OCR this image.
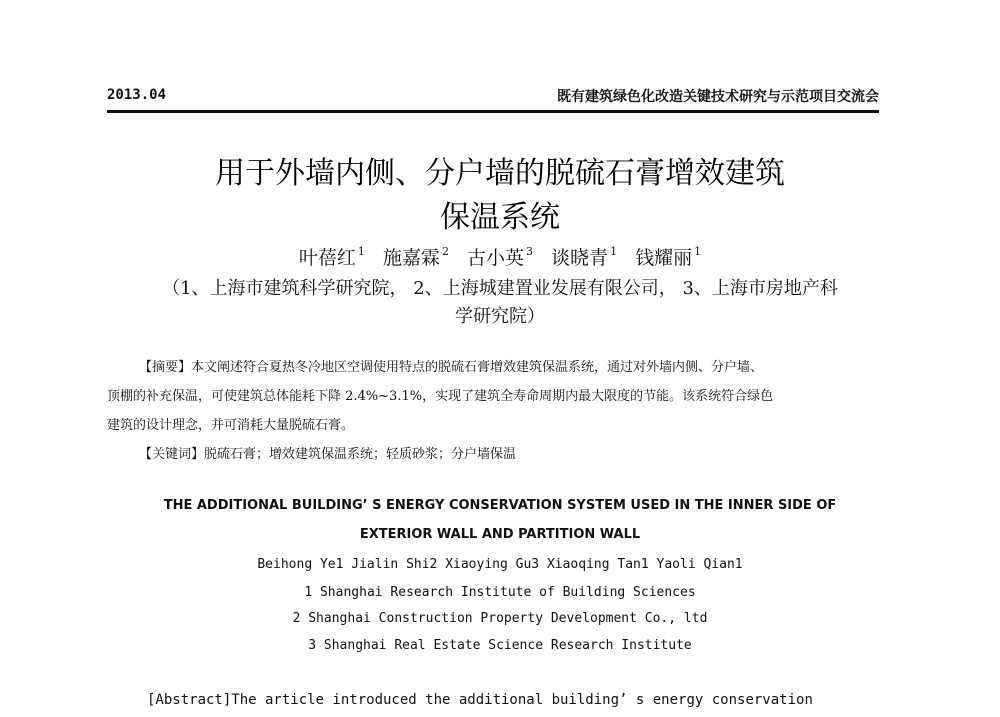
2013.04	既有建筑绿色化改造关键技术研究与示范项目交流会
用于外墙内侧、分户墙的脱硫石膏增效建筑
保温系统
叶蓓红 $^1$ 施嘉霖 $^2$ 古小英 $^3$ 谈晓青 $^1$ 钱耀丽 $^1$
（1、上海市建筑科学研究院， 2、上海城建置业发展有限公司， 3、上海市房地产科
学研究院）
【摘要】本文阐述符合夏热冬冷地区空调使用特点的脱硫石膏增效建筑保温系统，通过对外墙内侧、分户墙、
顶棚的补充保温，可使建筑总体能耗下降 2.4%~3.1%，实现了建筑全寿命周期内最大限度的节能。该系统符合绿色
建筑的设计理念，并可消耗大量脱硫石膏。
【关键词】脱硫石膏；增效建筑保温系统；轻质砂浆；分户墙保温
THE ADDITIONAL BUILDING’ S ENERGY CONSERVATION SYSTEM USED IN THE INNER SIDE OF
EXTERIOR WALL AND PARTITION WALL
Beihong Ye1 Jialin Shi2 Xiaoying Gu3 Xiaoqing Tan1 Yaoli Qian1
1 Shanghai Research Institute of Building Sciences
2 Shanghai Construction Property Development Co., ltd
3 Shanghai Real Estate Science Research Institute
[Abstract]The article introduced the additional building’ s energy conservation
